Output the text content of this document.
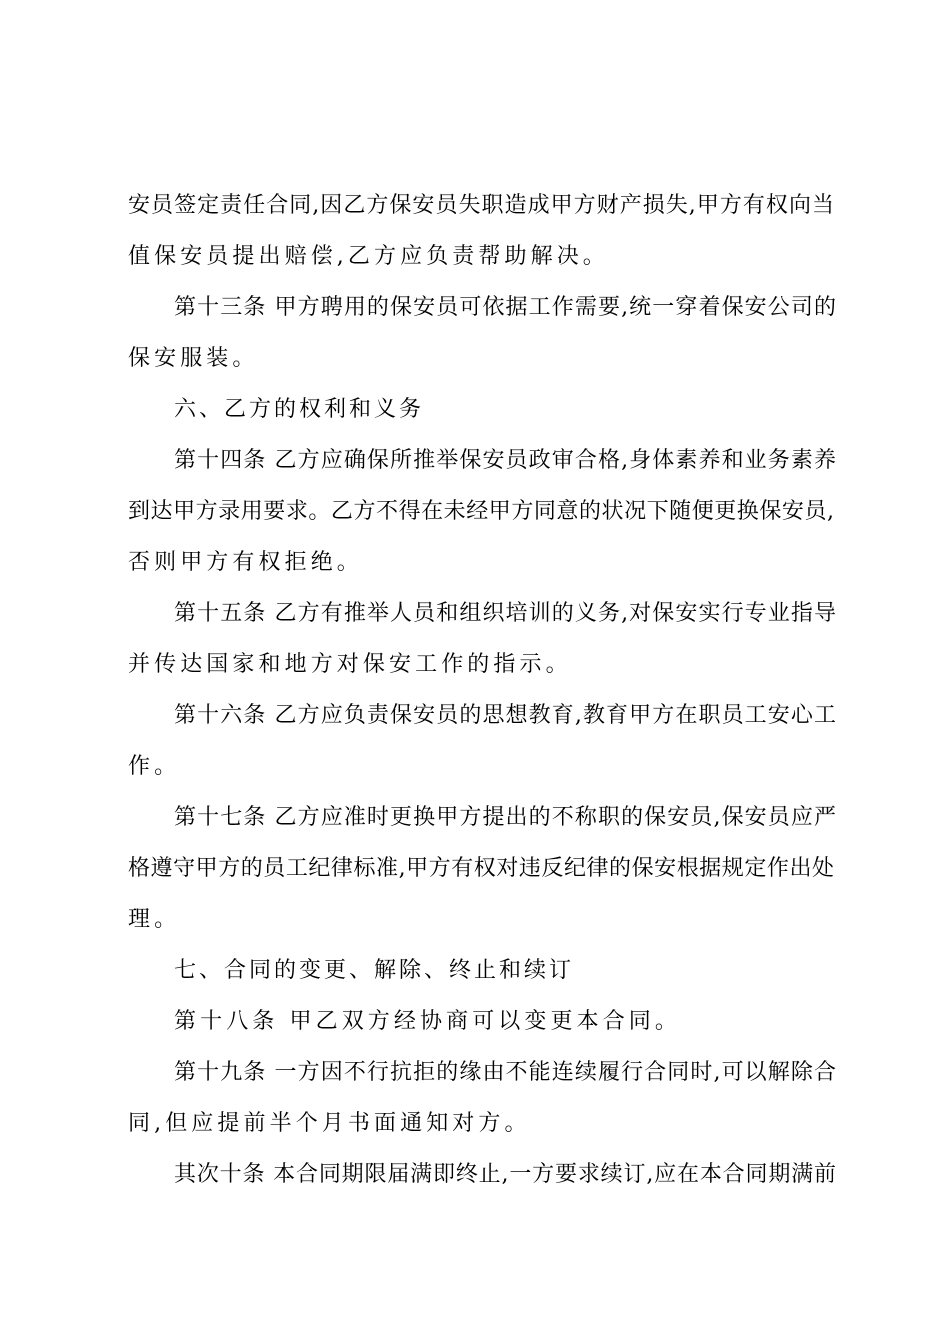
安员签定责任合同,因乙方保安员失职造成甲方财产损失,甲方有权向当
值保安员提出赔偿,乙方应负责帮助解决。
第十三条 甲方聘用的保安员可依据工作需要,统一穿着保安公司的
保安服装。
六、乙方的权利和义务
第十四条 乙方应确保所推举保安员政审合格,身体素养和业务素养
到达甲方录用要求。乙方不得在未经甲方同意的状况下随便更换保安员,
否则甲方有权拒绝。
第十五条 乙方有推举人员和组织培训的义务,对保安实行专业指导
并传达国家和地方对保安工作的指示。
第十六条 乙方应负责保安员的思想教育,教育甲方在职员工安心工
作。
第十七条 乙方应准时更换甲方提出的不称职的保安员,保安员应严
格遵守甲方的员工纪律标准,甲方有权对违反纪律的保安根据规定作出处
理。
七、合同的变更、解除、终止和续订
第十八条 甲乙双方经协商可以变更本合同。
第十九条 一方因不行抗拒的缘由不能连续履行合同时,可以解除合
同,但应提前半个月书面通知对方。
其次十条 本合同期限届满即终止,一方要求续订,应在本合同期满前
